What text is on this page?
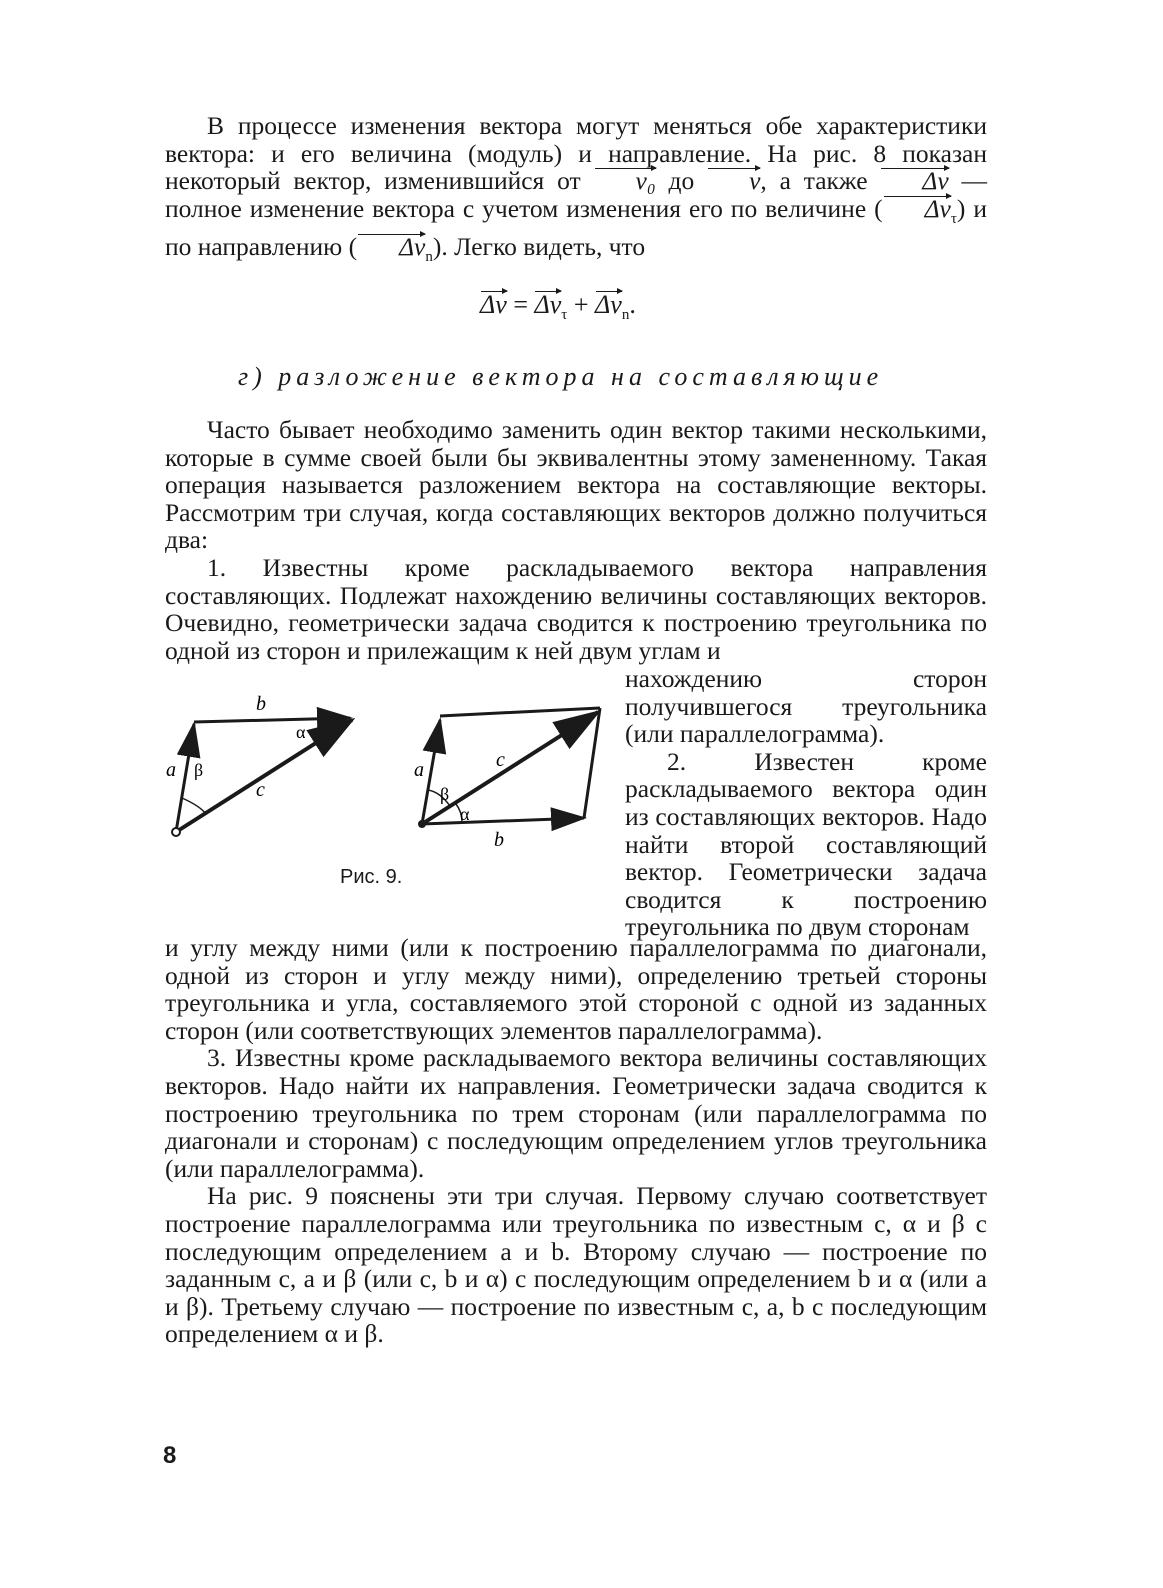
В процессе изменения вектора могут меняться обе характеристики вектора: и его величина (модуль) и направление. На рис. 8 показан некоторый вектор, изменившийся от v₀ до v, а также Δv — полное изменение вектора с учетом изменения его по величине ( $\Delta v_\tau$) и по направлению ( $\Delta v_n$). Легко видеть, что

$\Delta v = \Delta v_\tau + \Delta v_n$.
г) разложение вектора на составляющие

Часто бывает необходимо заменить один вектор такими несколькими, которые в сумме своей были бы эквивалентны этому замененному. Такая операция называется разложением вектора на составляющие векторы. Рассмотрим три случая, когда составляющих векторов должно получиться два:

1. Известны кроме раскладываемого вектора направления составляющих. Подлежат нахождению величины составляющих векторов. Очевидно, геометрически задача сводится к построению треугольника по одной из сторон и прилежащим к ней двум углам и

нахождению сторон получившегося треугольника (или параллелограмма).

2. Известен кроме раскладываемого вектора один из составляющих векторов. Надо найти второй составляющий вектор. Геометрически задача сводится к построению треугольника по двум сторонам

a
b
c
β
α
a
b
c
β
α
Рис. 9.

и углу между ними (или к построению параллелограмма по диагонали, одной из сторон и углу между ними), определению третьей стороны треугольника и угла, составляемого этой стороной с одной из заданных сторон (или соответствующих элементов параллелограмма).

3. Известны кроме раскладываемого вектора величины составляющих векторов. Надо найти их направления. Геометрически задача сводится к построению треугольника по трем сторонам (или параллелограмма по диагонали и сторонам) с последующим определением углов треугольника (или параллелограмма).

На рис. 9 пояснены эти три случая. Первому случаю соответствует построение параллелограмма или треугольника по известным c, α и β с последующим определением a и b. Второму случаю — построение по заданным c, a и β (или c, b и α) с последующим определением b и α (или a и β). Третьему случаю — построение по известным c, a, b с последующим определением α и β.

8
